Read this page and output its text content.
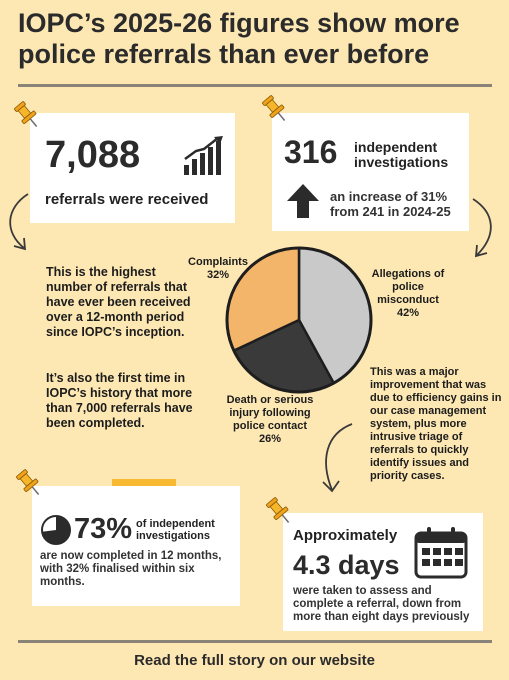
IOPC’s 2025-26 figures show more police referrals than ever before
7,088
referrals were received
316 independent investigations
an increase of 31% from 241 in 2024-25
This is the highest number of referrals that have ever been received over a 12-month period since IOPC’s inception.
It’s also the first time in IOPC’s history that more than 7,000 referrals have been completed.
Complaints
32%	Allegations of police misconduct
42%
Death or serious injury following police contact
26%
This was a major improvement that was due to efficiency gains in our case management system, plus more intrusive triage of referrals to quickly identify issues and priority cases.
73% of independent investigations
are now completed in 12 months, with 32% finalised within six months.
Approximately
4.3 days
were taken to assess and complete a referral, down from more than eight days previously
Read the full story on our website
